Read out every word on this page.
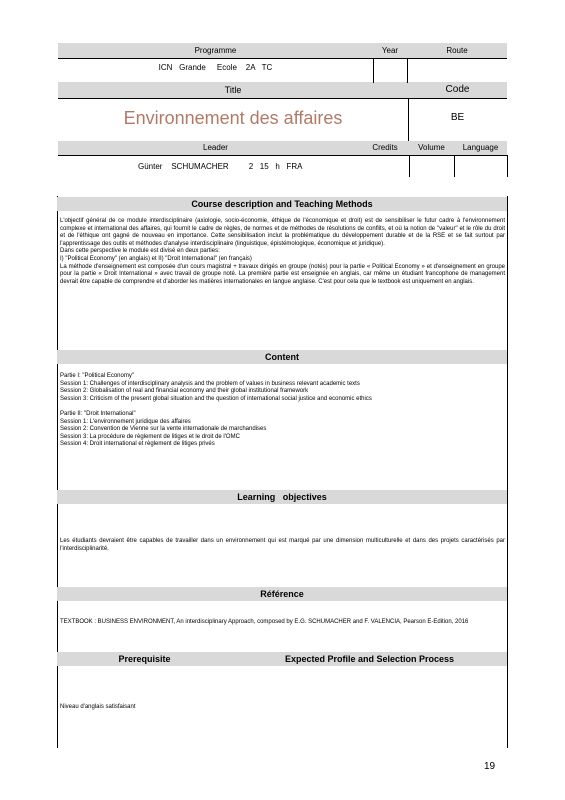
Programme	Year	Route
ICN   Grande     Ecole    2A   TC
Title	Code
Environnement des affaires	BE
Leader	Credits	Volume	Language
Günter    SCHUMACHER         2   15   h   FRA
Course description and Teaching Methods
L'objectif général de ce module interdisciplinaire (axiologie, socio-économie, éthique de l'économique et droit) est de sensibiliser le futur cadre à l'environnement complexe et international des affaires, qui fournit le cadre de règles, de normes et de méthodes de résolutions de conflits, et où la notion de "valeur" et le rôle du droit et de l'éthique ont gagné de nouveau en importance. Cette sensibilisation inclut la problématique du développement durable et de la RSE et se fait surtout par l'apprentissage des outils et méthodes d'analyse interdisciplinaire (linguistique, épistémologique, économique et juridique).
Dans cette perspective le module est divisé en deux parties:
I) "Political Economy" (en anglais) et II) "Droit International" (en français)
La méthode d'enseignement est composée d'un cours magistral + travaux dirigés en groupe (notés) pour la partie « Political Economy » et d'enseignement en groupe pour la partie « Droit International » avec travail de groupe noté. La première partie est enseignée en anglais, car même un étudiant francophone de management devrait être capable de comprendre et d'aborder les matières internationales en langue anglaise. C'est pour cela que le textbook est uniquement en anglais.
Content
Partie I: "Political Economy"
Session 1: Challenges of interdisciplinary analysis and the problem of values in business relevant academic texts
Session 2: Globalisation of real and financial economy and their global institutional framework
Session 3: Criticism of the present global situation and the question of international social justice and economic ethics

Partie II: "Droit International"
Session 1: L'environnement juridique des affaires
Session 2: Convention de Vienne sur la vente internationale de marchandises
Session 3: La procédure de règlement de litiges et le droit de l'OMC
Session 4: Droit international et règlement de litiges privés
Learning   objectives
Les étudiants devraient être capables de travailler dans un environnement qui est marqué par une dimension multiculturelle et dans des projets caractérisés par l'interdisciplinarité.
Référence
TEXTBOOK : BUSINESS ENVIRONMENT, An interdisciplinary Approach, composed by E.G. SCHUMACHER and F. VALENCIA, Pearson E-Edition, 2016
Prerequisite	Expected Profile and Selection Process
Niveau d'anglais satisfaisant
19
